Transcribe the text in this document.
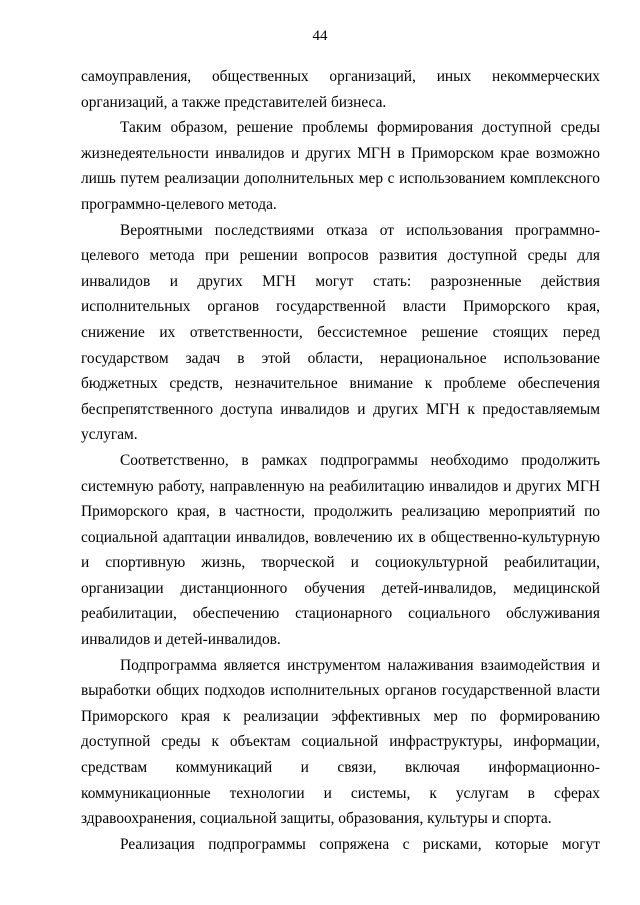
44

самоуправления, общественных организаций, иных некоммерческих организаций, а также представителей бизнеса.

Таким образом, решение проблемы формирования доступной среды жизнедеятельности инвалидов и других МГН в Приморском крае возможно лишь путем реализации дополнительных мер с использованием комплексного программно-целевого метода.

Вероятными последствиями отказа от использования программно-целевого метода при решении вопросов развития доступной среды для инвалидов и других МГН могут стать: разрозненные действия исполнительных органов государственной власти Приморского края, снижение их ответственности, бессистемное решение стоящих перед государством задач в этой области, нерациональное использование бюджетных средств, незначительное внимание к проблеме обеспечения беспрепятственного доступа инвалидов и других МГН к предоставляемым услугам.

Соответственно, в рамках подпрограммы необходимо продолжить системную работу, направленную на реабилитацию инвалидов и других МГН Приморского края, в частности, продолжить реализацию мероприятий по социальной адаптации инвалидов, вовлечению их в общественно-культурную и спортивную жизнь, творческой и социокультурной реабилитации, организации дистанционного обучения детей-инвалидов, медицинской реабилитации, обеспечению стационарного социального обслуживания инвалидов и детей-инвалидов.

Подпрограмма является инструментом налаживания взаимодействия и выработки общих подходов исполнительных органов государственной власти Приморского края к реализации эффективных мер по формированию доступной среды к объектам социальной инфраструктуры, информации, средствам коммуникаций и связи, включая информационно-коммуникационные технологии и системы, к услугам в сферах здравоохранения, социальной защиты, образования, культуры и спорта.

Реализация подпрограммы сопряжена с рисками, которые могут
